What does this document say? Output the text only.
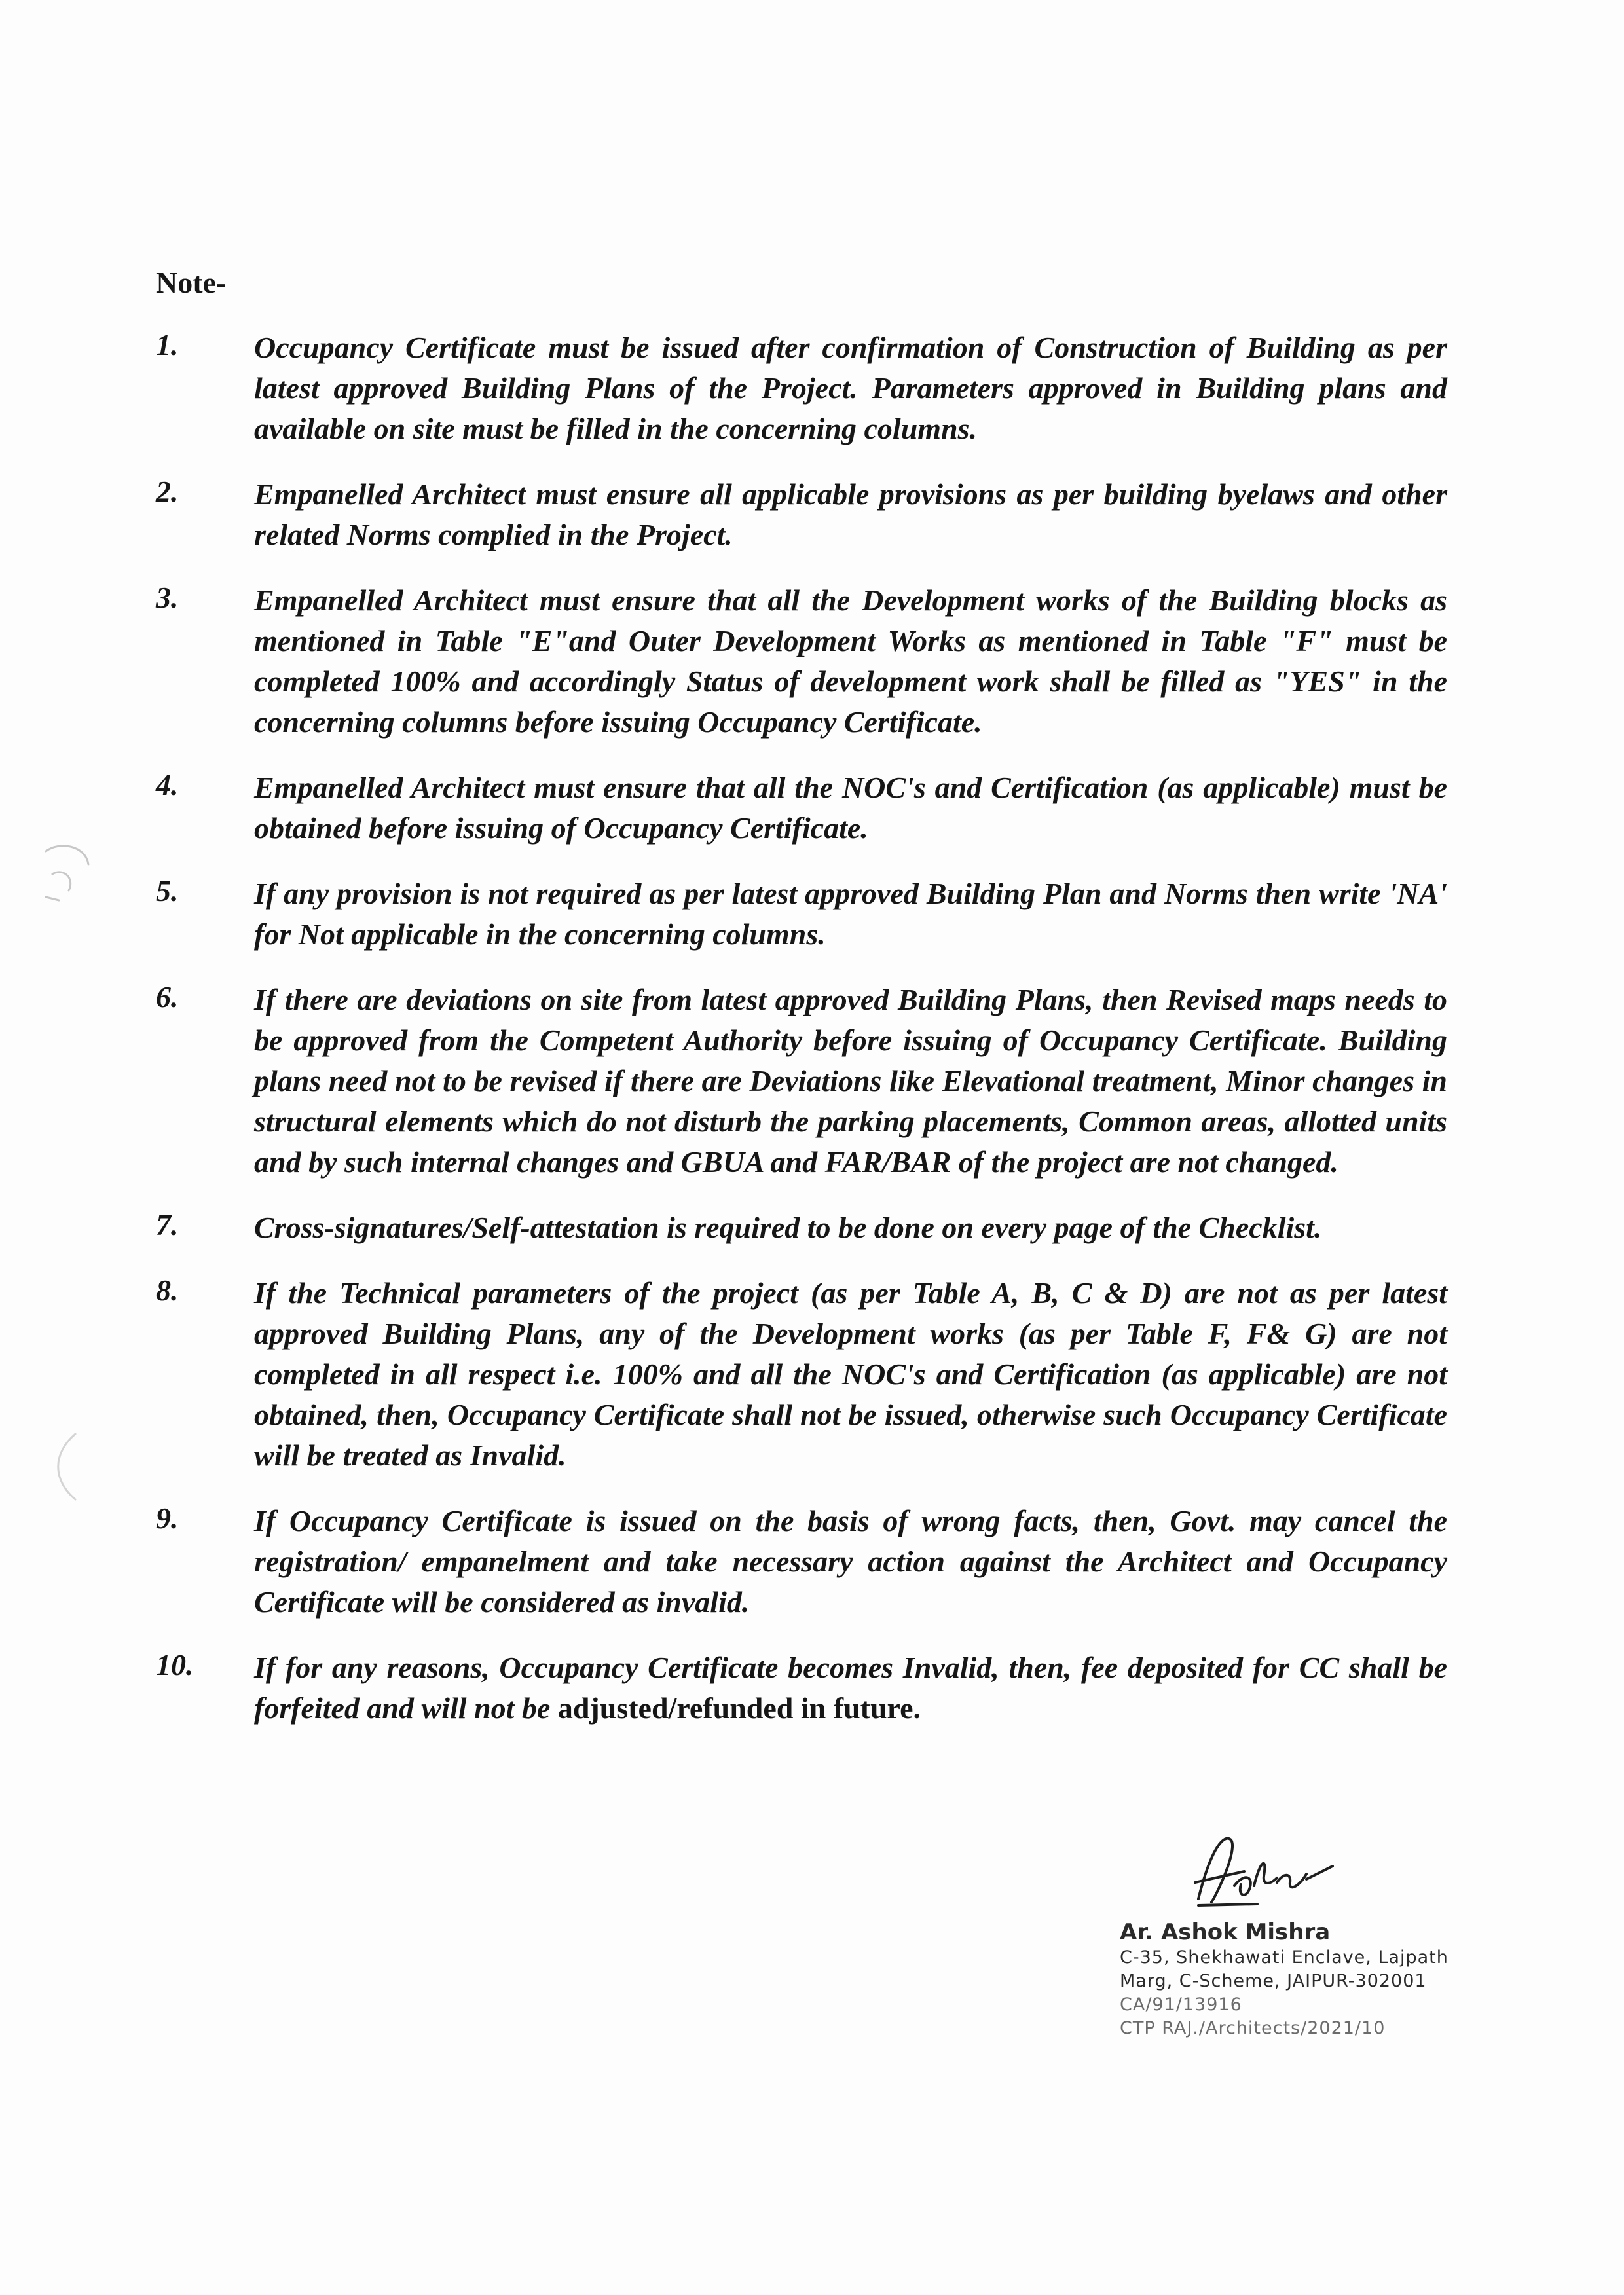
Note-

1.	Occupancy Certificate must be issued after confirmation of Construction of Building as per latest approved Building Plans of the Project. Parameters approved in Building plans and available on site must be filled in the concerning columns.
2.	Empanelled Architect must ensure all applicable provisions as per building byelaws and other related Norms complied in the Project.
3.	Empanelled Architect must ensure that all the Development works of the Building blocks as mentioned in Table "E"and Outer Development Works as mentioned in Table "F" must be completed 100% and accordingly Status of development work shall be filled as "YES" in the concerning columns before issuing Occupancy Certificate.
4.	Empanelled Architect must ensure that all the NOC's and Certification (as applicable) must be obtained before issuing of Occupancy Certificate.
5.	If any provision is not required as per latest approved Building Plan and Norms then write 'NA' for Not applicable in the concerning columns.
6.	If there are deviations on site from latest approved Building Plans, then Revised maps needs to be approved from the Competent Authority before issuing of Occupancy Certificate. Building plans need not to be revised if there are Deviations like Elevational treatment, Minor changes in structural elements which do not disturb the parking placements, Common areas, allotted units and by such internal changes and GBUA and FAR/BAR of the project are not changed.
7.	Cross-signatures/Self-attestation is required to be done on every page of the Checklist.
8.	If the Technical parameters of the project (as per Table A, B, C & D) are not as per latest approved Building Plans, any of the Development works (as per Table F, F& G) are not completed in all respect i.e. 100% and all the NOC's and Certification (as applicable) are not obtained, then, Occupancy Certificate shall not be issued, otherwise such Occupancy Certificate will be treated as Invalid.
9.	If Occupancy Certificate is issued on the basis of wrong facts, then, Govt. may cancel the registration/ empanelment and take necessary action against the Architect and Occupancy Certificate will be considered as invalid.
10. If for any reasons, Occupancy Certificate becomes Invalid, then, fee deposited for CC shall be forfeited and will not be adjusted/refunded in future.
Ar. Ashok Mishra
C-35, Shekhawati Enclave, Lajpath
Marg, C-Scheme, JAIPUR-302001
CA/91/13916
CTP RAJ./Architects/2021/10
